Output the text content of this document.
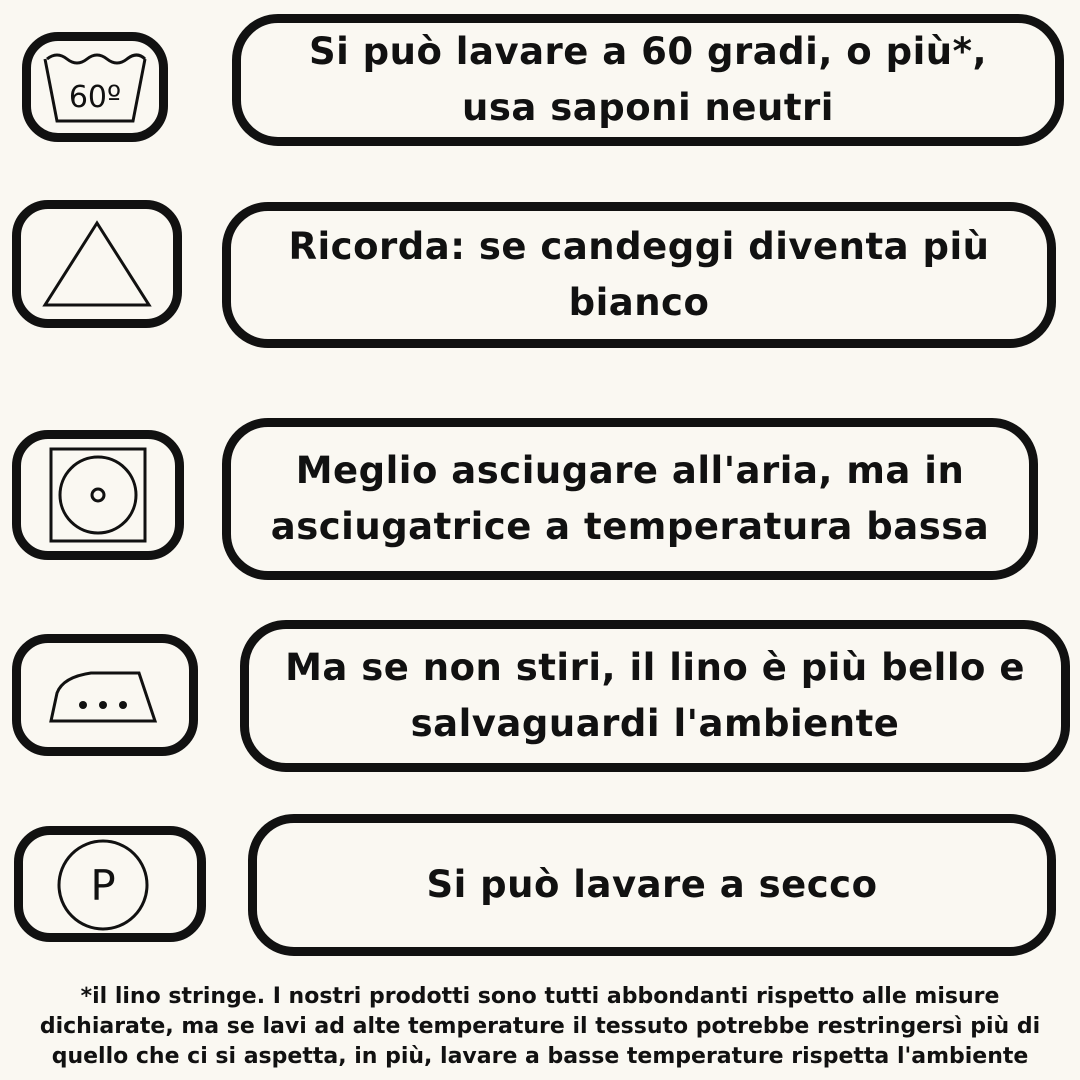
60º
Si può lavare a 60 gradi, o più*, usa saponi neutri
Ricorda: se candeggi diventa più bianco
Meglio asciugare all'aria, ma in asciugatrice a temperatura bassa
Ma se non stiri, il lino è più bello e salvaguardi l'ambiente
P	Si può lavare a secco
*il lino stringe. I nostri prodotti sono tutti abbondanti rispetto alle misure dichiarate, ma se lavi ad alte temperature il tessuto potrebbe restringersì più di quello che ci si aspetta, in più, lavare a basse temperature rispetta l'ambiente
